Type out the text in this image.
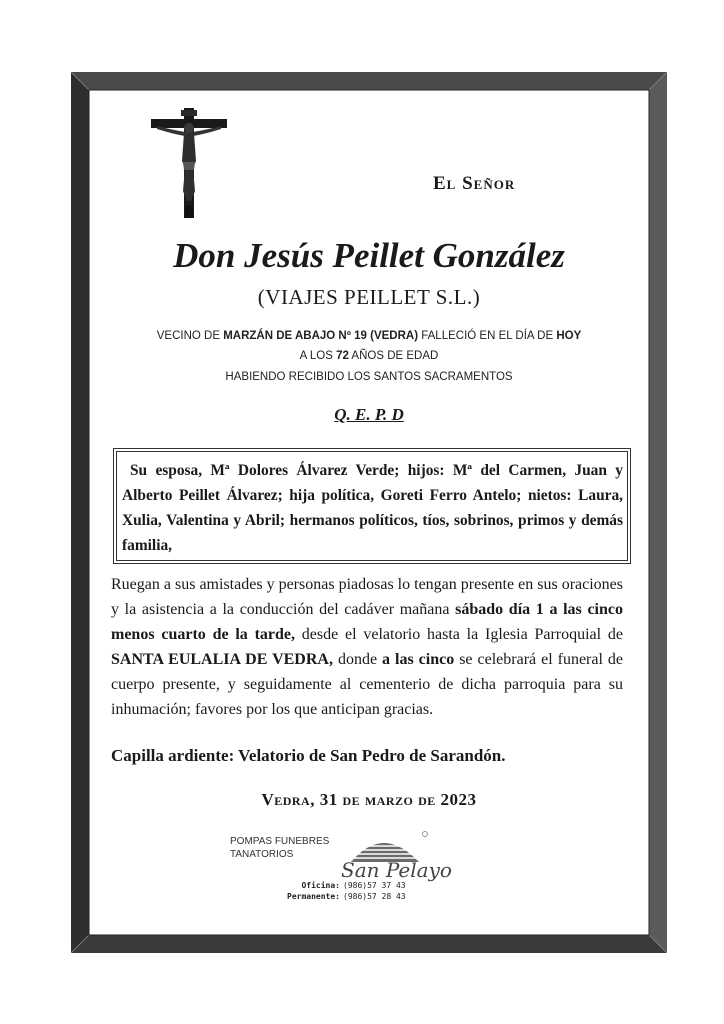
El Señor
Don Jesús Peillet González
(VIAJES PEILLET S.L.)
VECINO DE MARZÁN DE ABAJO Nº 19 (VEDRA) FALLECIÓ EN EL DÍA DE HOY
A LOS 72 AÑOS DE EDAD
HABIENDO RECIBIDO LOS SANTOS SACRAMENTOS
Q. E. P. D
Su esposa, Mª Dolores Álvarez Verde; hijos: Mª del Carmen, Juan y Alberto Peillet Álvarez; hija política, Goreti Ferro Antelo; nietos: Laura, Xulia, Valentina y Abril; hermanos políticos, tíos, sobrinos, primos y demás familia,
Ruegan a sus amistades y personas piadosas lo tengan presente en sus oraciones y la asistencia a la conducción del cadáver mañana sábado día 1 a las cinco menos cuarto de la tarde, desde el velatorio hasta la Iglesia Parroquial de SANTA EULALIA DE VEDRA, donde a las cinco se celebrará el funeral de cuerpo presente, y seguidamente al cementerio de dicha parroquia para su inhumación; favores por los que anticipan gracias.
Capilla ardiente: Velatorio de San Pedro de Sarandón.
Vedra, 31 de marzo de 2023
POMPAS FUNEBRES
TANATORIOS
San Pelayo
Oficina: (986)57 37 43
Permanente: (986)57 28 43
